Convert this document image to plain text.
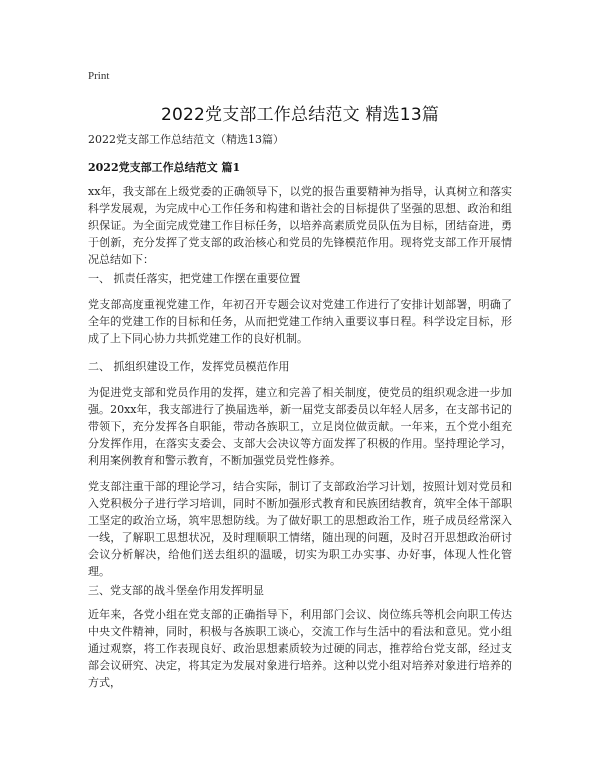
Print
2022党支部工作总结范文 精选13篇
2022党支部工作总结范文（精选13篇）
2022党支部工作总结范文 篇1

xx年，我支部在上级党委的正确领导下，以党的报告重要精神为指导，认真树立和落实科学发展观，为完成中心工作任务和构建和谐社会的目标提供了坚强的思想、政治和组织保证。为全面完成党建工作目标任务，以培养高素质党员队伍为目标，团结奋进，勇于创新，充分发挥了党支部的政治核心和党员的先锋模范作用。现将党支部工作开展情况总结如下：

一、 抓责任落实，把党建工作摆在重要位置

党支部高度重视党建工作，年初召开专题会议对党建工作进行了安排计划部署，明确了全年的党建工作的目标和任务，从而把党建工作纳入重要议事日程。科学设定目标，形成了上下同心协力共抓党建工作的良好机制。

二、 抓组织建设工作，发挥党员模范作用

为促进党支部和党员作用的发挥，建立和完善了相关制度，使党员的组织观念进一步加强。20xx年，我支部进行了换届选举，新一届党支部委员以年轻人居多，在支部书记的带领下，充分发挥各自职能，带动各族职工，立足岗位做贡献。一年来，五个党小组充分发挥作用，在落实支委会、支部大会决议等方面发挥了积极的作用。坚持理论学习，利用案例教育和警示教育，不断加强党员党性修养。

党支部注重干部的理论学习，结合实际，制订了支部政治学习计划，按照计划对党员和入党积极分子进行学习培训，同时不断加强形式教育和民族团结教育，筑牢全体干部职工坚定的政治立场，筑牢思想防线。为了做好职工的思想政治工作，班子成员经常深入一线，了解职工思想状况，及时理顺职工情绪，随出现的问题，及时召开思想政治研讨会议分析解决，给他们送去组织的温暖，切实为职工办实事、办好事，体现人性化管理。

三、党支部的战斗堡垒作用发挥明显

近年来，各党小组在党支部的正确指导下，利用部门会议、岗位练兵等机会向职工传达中央文件精神，同时，积极与各族职工谈心，交流工作与生活中的看法和意见。党小组通过观察，将工作表现良好、政治思想素质较为过硬的同志，推荐给台党支部，经过支部会议研究、决定，将其定为发展对象进行培养。这种以党小组对培养对象进行培养的方式，
